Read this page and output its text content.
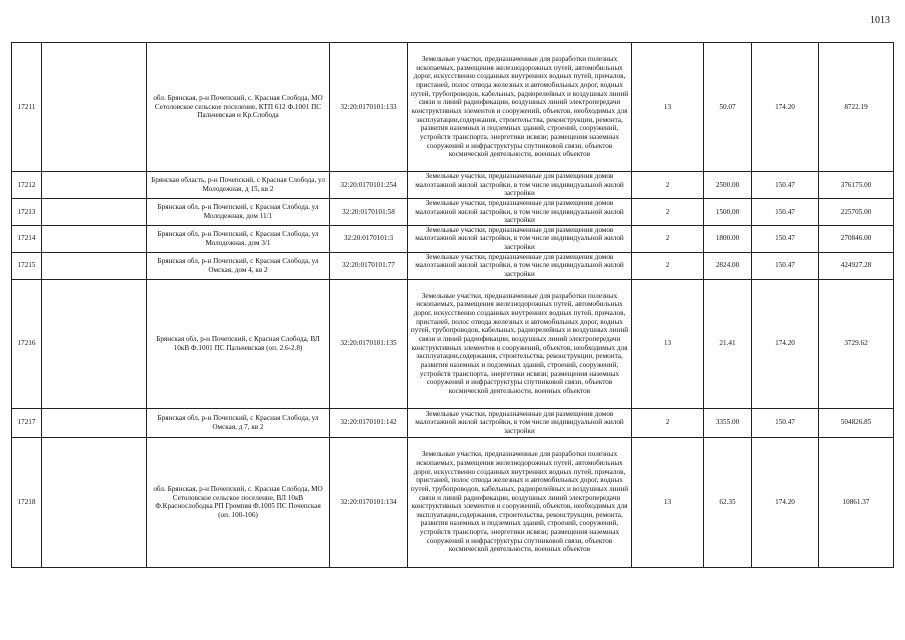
1013
17211		обл. Брянская, р-н Почепский, с. Красная Слобода, МО Сетоловское сельское поселение, КТП 612 Ф.1001 ПС Пальчевская н Кр.Слобода	32:20:0170101:133	Земельные участки, предназначенные для разработки полезных ископаемых, размещения железнодорожных путей, автомобильных дорог, искусственно созданных внутренних водных путей, причалов, пристаней, полос отвода железных и автомобильных дорог, водных путей, трубопроводов, кабельных, радиорелейных и воздушных линий связи и линий радиофикации, воздушных линий электропередачи конструктивных элементов и сооружений, объектов, необходимых для эксплуатации,содержания, строительства, реконструкции, ремонта, развития наземных и подземных зданий, строений, сооружений, устройств транспорта, энергетики исвязи; размещения наземных сооружений и инфраструктуры спутниковой связи, объектов космической деятельности, военных объектов	13	50.07	174.20	8722.19
17212		Брянская область, р-н Почепский, с Красная Слобода, ул Молодежная, д 15, кв 2	32:20:0170101:254	Земельные участки, предназначенные для размещения домов малоэтажной жилой застройки, в том числе индивидуальной жилой застройки	2	2500.00	150.47	376175.00
17213		Брянская обл, р-н Почепский, с Красная Слобода, ул Молодежная, дом 11/1	32:20:0170101:58	Земельные участки, предназначенные для размещения домов малоэтажной жилой застройки, в том числе индивидуальной жилой застройки	2	1500.00	150.47	225705.00
17214		Брянская обл, р-н Почепский, с Красная Слобода, ул Молодежная, дом 3/1	32:20:0170101:3	Земельные участки, предназначенные для размещения домов малоэтажной жилой застройки, в том числе индивидуальной жилой застройки	2	1800.00	150.47	270846.00
17215		Брянская обл, р-н Почепский, с Красная Слобода, ул Омская, дом 4, кв 2	32:20:0170101:77	Земельные участки, предназначенные для размещения домов малоэтажной жилой застройки, в том числе индивидуальной жилой застройки	2	2824.00	150.47	424927.28
17216		Брянская обл, р-н Почепский, с Красная Слобода, ВЛ 10кВ Ф.1001 ПС Пальчевская (оп. 2.6-2.8)	32:20:0170101:135	Земельные участки, предназначенные для разработки полезных ископаемых, размещения железнодорожных путей, автомобильных дорог, искусственно созданных внутренних водных путей, причалов, пристаней, полос отвода железных и автомобильных дорог, водных путей, трубопроводов, кабельных, радиорелейных и воздушных линий связи и линий радиофикации, воздушных линий электропередачи конструктивных элементов и сооружений, объектов, необходимых для эксплуатации,содержания, строительства, реконструкции, ремонта, развития наземных и подземных зданий, строений, сооружений, устройств транспорта, энергетики исвязи; размещения наземных сооружений и инфраструктуры спутниковой связи, объектов космической деятельности, военных объектов	13	21.41	174.20	3729.62
17217		Брянская обл, р-н Почепский, с Красная Слобода, ул Омская, д 7, кв 2	32:20:0170101:142	Земельные участки, предназначенные для размещения домов малоэтажной жилой застройки, в том числе индивидуальной жилой застройки	2	3355.00	150.47	504826.85
17218		обл. Брянская, р-н Почепский, с. Красная Слобода, МО Сетоловское сельское поселение, ВЛ 10кВ Ф.Краснослободка РП Громпяя Ф.1005 ПС Почепская (оп. 100-106)	32:20:0170101:134	Земельные участки, предназначенные для разработки полезных ископаемых, размещения железнодорожных путей, автомобильных дорог, искусственно созданных внутренних водных путей, причалов, пристаней, полос отвода железных и автомобильных дорог, водных путей, трубопроводов, кабельных, радиорелейных и воздушных линий связи и линий радиофикации, воздушных линий электропередачи конструктивных элементов и сооружений, объектов, необходимых для эксплуатации,содержания, строительства, реконструкции, ремонта, развития наземных и подземных зданий, строений, сооружений, устройств транспорта, энергетики исвязи; размещения наземных сооружений и инфраструктуры спутниковой связи, объектов космической деятельности, военных объектов	13	62.35	174.20	10861.37
